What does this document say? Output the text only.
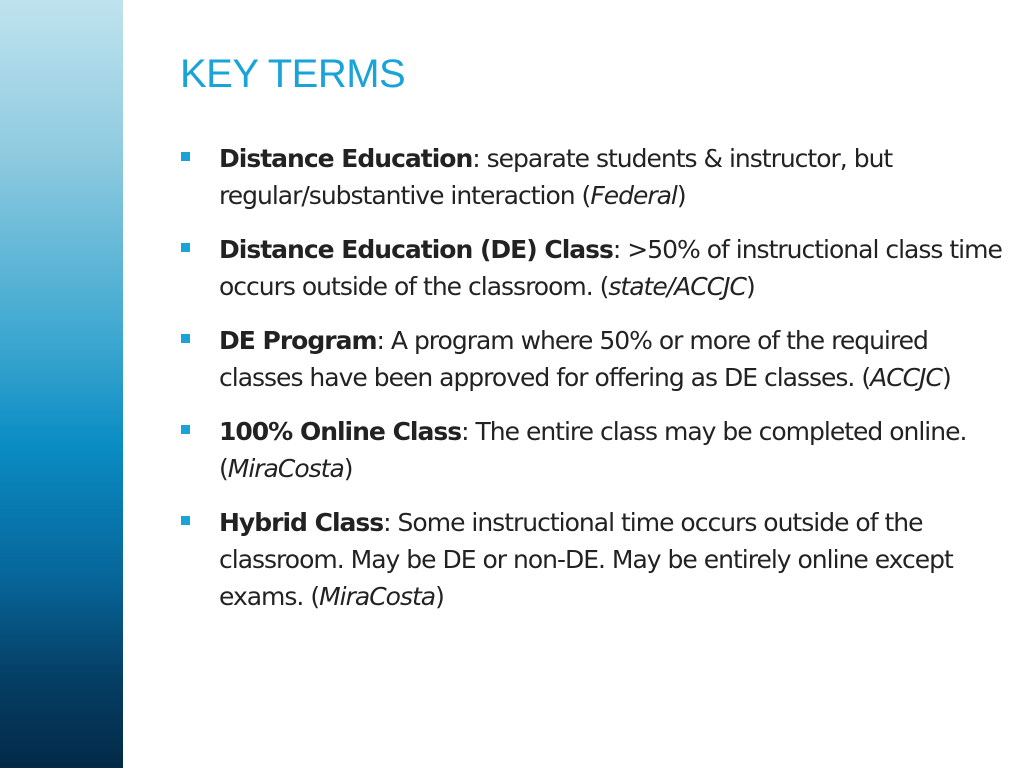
KEY TERMS
Distance Education: separate students & instructor, but regular/substantive interaction (Federal)
Distance Education (DE) Class: >50% of instructional class time occurs outside of the classroom. (state/ACCJC)
DE Program: A program where 50% or more of the required classes have been approved for offering as DE classes. (ACCJC)
100% Online Class: The entire class may be completed online. (MiraCosta)
Hybrid Class: Some instructional time occurs outside of the classroom. May be DE or non-DE. May be entirely online except exams. (MiraCosta)
